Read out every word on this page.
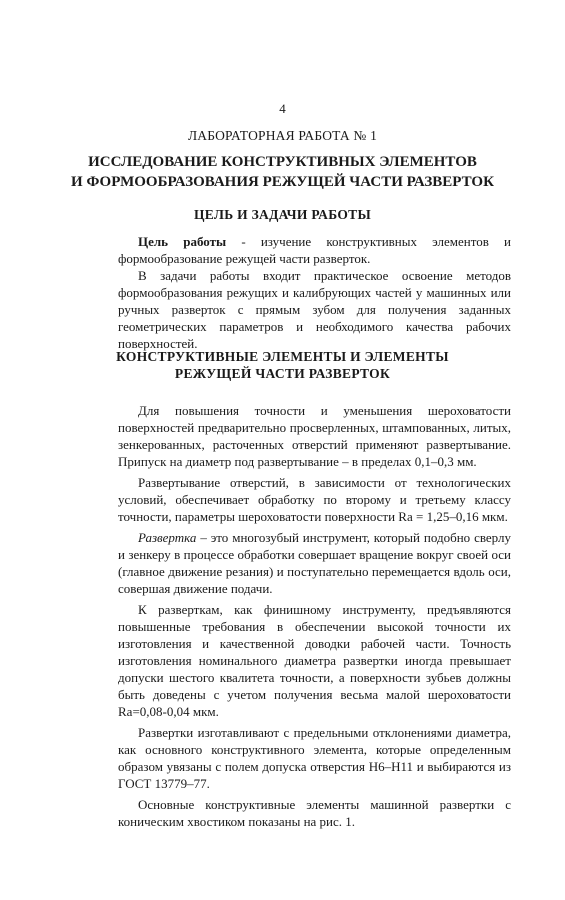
4
ЛАБОРАТОРНАЯ РАБОТА № 1
ИССЛЕДОВАНИЕ КОНСТРУКТИВНЫХ ЭЛЕМЕНТОВ
И ФОРМООБРАЗОВАНИЯ РЕЖУЩЕЙ ЧАСТИ РАЗВЕРТОК
ЦЕЛЬ И ЗАДАЧИ РАБОТЫ

Цель работы - изучение конструктивных элементов и формообразование режущей части разверток.

В задачи работы входит практическое освоение методов формообразования режущих и калибрующих частей у машинных или ручных разверток с прямым зубом для получения заданных геометрических параметров и необходимого качества рабочих поверхностей.

КОНСТРУКТИВНЫЕ ЭЛЕМЕНТЫ И ЭЛЕМЕНТЫ
РЕЖУЩЕЙ ЧАСТИ РАЗВЕРТОК

Для повышения точности и уменьшения шероховатости поверхностей предварительно просверленных, штампованных, литых, зенкерованных, расточенных отверстий применяют развертывание. Припуск на диаметр под развертывание – в пределах 0,1–0,3 мм.

Развертывание отверстий, в зависимости от технологических условий, обеспечивает обработку по второму и третьему классу точности, параметры шероховатости поверхности Ra = 1,25–0,16 мкм.

Развертка – это многозубый инструмент, который подобно сверлу и зенкеру в процессе обработки совершает вращение вокруг своей оси (главное движение резания) и поступательно перемещается вдоль оси, совершая движение подачи.

К разверткам, как финишному инструменту, предъявляются повышенные требования в обеспечении высокой точности их изготовления и качественной доводки рабочей части. Точность изготовления номинального диаметра развертки иногда превышает допуски шестого квалитета точности, а поверхности зубьев должны быть доведены с учетом получения весьма малой шероховатости Ra=0,08-0,04 мкм.

Развертки изготавливают с предельными отклонениями диаметра, как основного конструктивного элемента, которые определенным образом увязаны с полем допуска отверстия H6–H11 и выбираются из ГОСТ 13779–77.

Основные конструктивные элементы машинной развертки с коническим хвостиком показаны на рис. 1.
